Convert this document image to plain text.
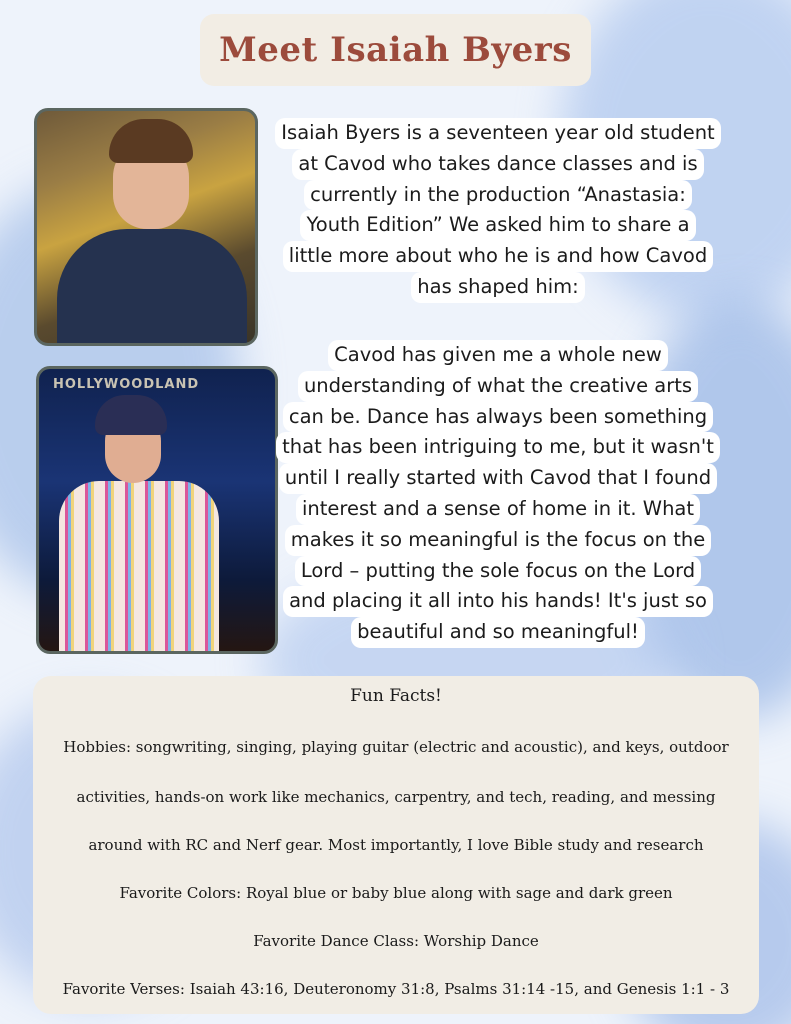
Meet Isaiah Byers
HOLLYWOODLAND
Isaiah Byers is a seventeen year old student
at Cavod who takes dance classes and is
currently in the production “Anastasia:
Youth Edition” We asked him to share a
little more about who he is and how Cavod
has shaped him:
Cavod has given me a whole new
understanding of what the creative arts
can be. Dance has always been something
that has been intriguing to me, but it wasn't
until I really started with Cavod that I found
interest and a sense of home in it. What
makes it so meaningful is the focus on the
Lord – putting the sole focus on the Lord
and placing it all into his hands! It's just so
beautiful and so meaningful!
Fun Facts!
Hobbies: songwriting, singing, playing guitar (electric and acoustic), and keys, outdoor
activities, hands-on work like mechanics, carpentry, and tech, reading, and messing
around with RC and Nerf gear. Most importantly, I love Bible study and research
Favorite Colors: Royal blue or baby blue along with sage and dark green
Favorite Dance Class: Worship Dance
Favorite Verses: Isaiah 43:16, Deuteronomy 31:8, Psalms 31:14 -15, and Genesis 1:1 - 3
